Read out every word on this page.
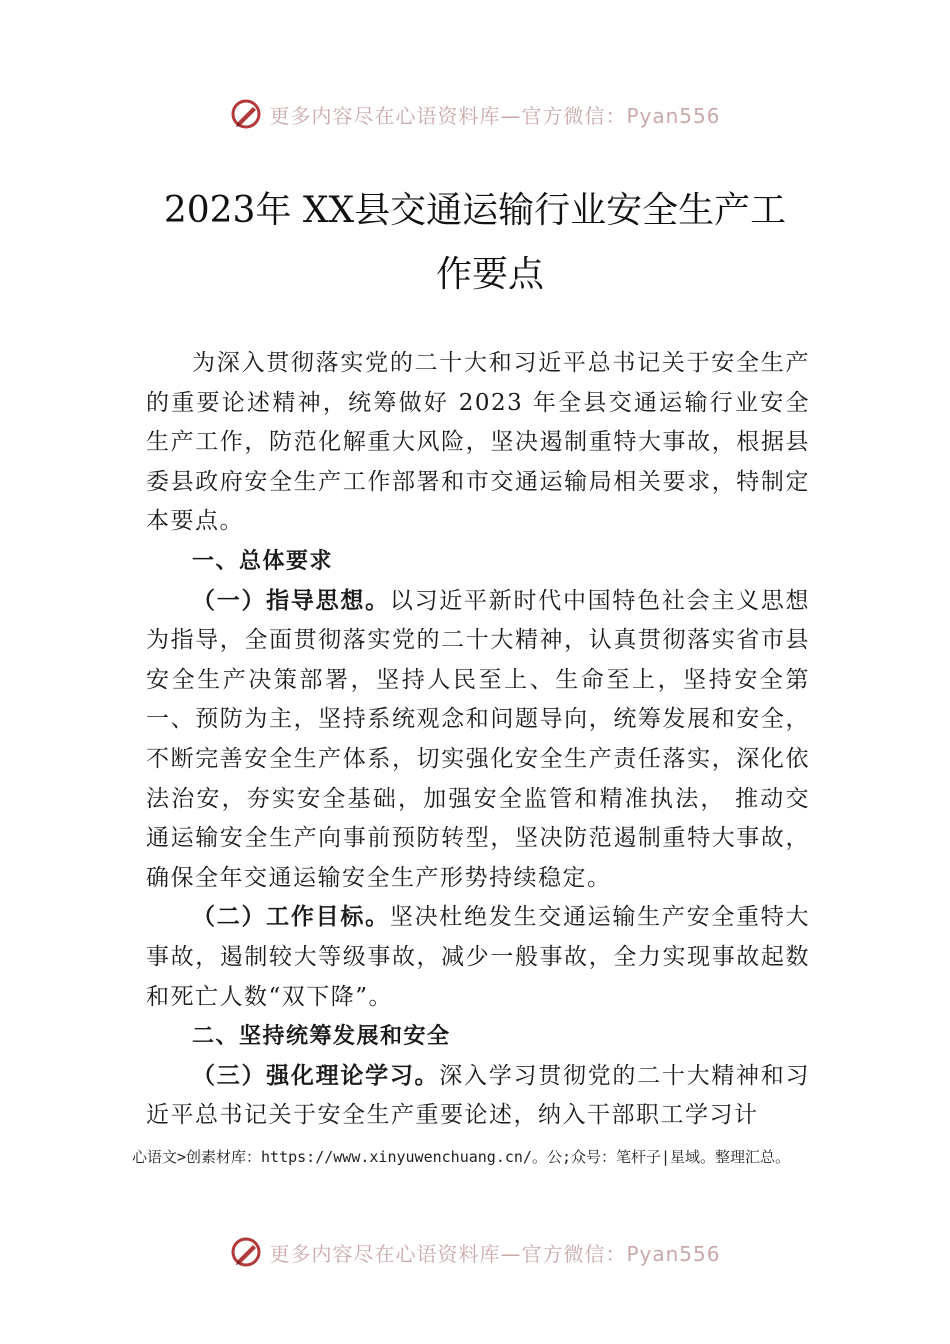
更多内容尽在心语资料库—官方微信：Pyan556
2023年 XX县交通运输行业安全生产工
作要点

为深入贯彻落实党的二十大和习近平总书记关于安全生产的重要论述精神，统筹做好 2023 年全县交通运输行业安全生产工作，防范化解重大风险，坚决遏制重特大事故，根据县委县政府安全生产工作部署和市交通运输局相关要求，特制定本要点。

一、总体要求

（一）指导思想。以习近平新时代中国特色社会主义思想为指导，全面贯彻落实党的二十大精神，认真贯彻落实省市县安全生产决策部署，坚持人民至上、生命至上，坚持安全第一、预防为主，坚持系统观念和问题导向，统筹发展和安全，不断完善安全生产体系，切实强化安全生产责任落实，深化依法治安，夯实安全基础，加强安全监管和精准执法， 推动交通运输安全生产向事前预防转型，坚决防范遏制重特大事故，确保全年交通运输安全生产形势持续稳定。

（二）工作目标。坚决杜绝发生交通运输生产安全重特大事故，遏制较大等级事故，减少一般事故，全力实现事故起数和死亡人数“双下降”。

二、坚持统筹发展和安全

（三）强化理论学习。深入学习贯彻党的二十大精神和习近平总书记关于安全生产重要论述，纳入干部职工学习计

心语文>创素材库：https://www.xinyuwenchuang.cn/。公;众号：笔杆子|星域。整理汇总。
更多内容尽在心语资料库—官方微信：Pyan556
